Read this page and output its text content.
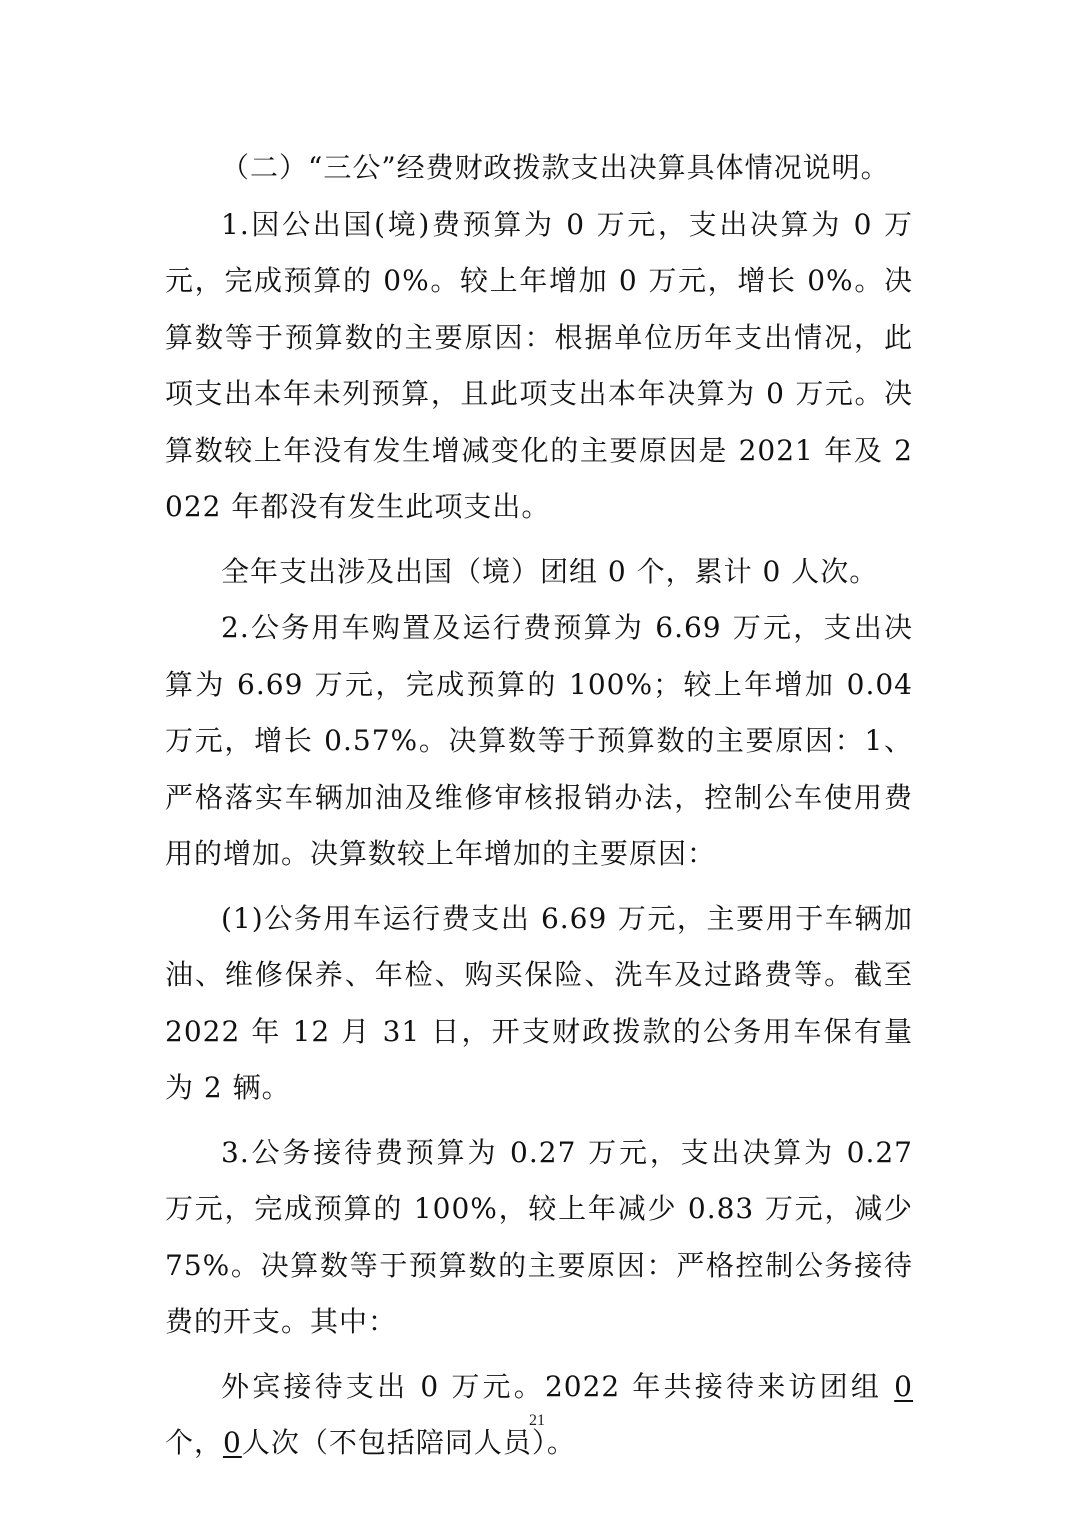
（二）“三公”经费财政拨款支出决算具体情况说明。

1.因公出国(境)费预算为 0 万元，支出决算为 0 万元，完成预算的 0%。较上年增加 0 万元，增长 0%。决算数等于预算数的主要原因：根据单位历年支出情况，此项支出本年未列预算，且此项支出本年决算为 0 万元。决算数较上年没有发生增减变化的主要原因是 2021 年及 2022 年都没有发生此项支出。

全年支出涉及出国（境）团组 0 个，累计 0 人次。

2.公务用车购置及运行费预算为 6.69 万元，支出决算为 6.69 万元，完成预算的 100%；较上年增加 0.04 万元，增长 0.57%。决算数等于预算数的主要原因：1、严格落实车辆加油及维修审核报销办法，控制公车使用费用的增加。决算数较上年增加的主要原因：

(1)公务用车运行费支出 6.69 万元，主要用于车辆加油、维修保养、年检、购买保险、洗车及过路费等。截至 2022 年 12 月 31 日，开支财政拨款的公务用车保有量为 2 辆。

3.公务接待费预算为 0.27 万元，支出决算为 0.27 万元，完成预算的 100%，较上年减少 0.83 万元，减少 75%。决算数等于预算数的主要原因：严格控制公务接待费的开支。其中：

外宾接待支出 0 万元。2022 年共接待来访团组 0个，0人次（不包括陪同人员）。

21
